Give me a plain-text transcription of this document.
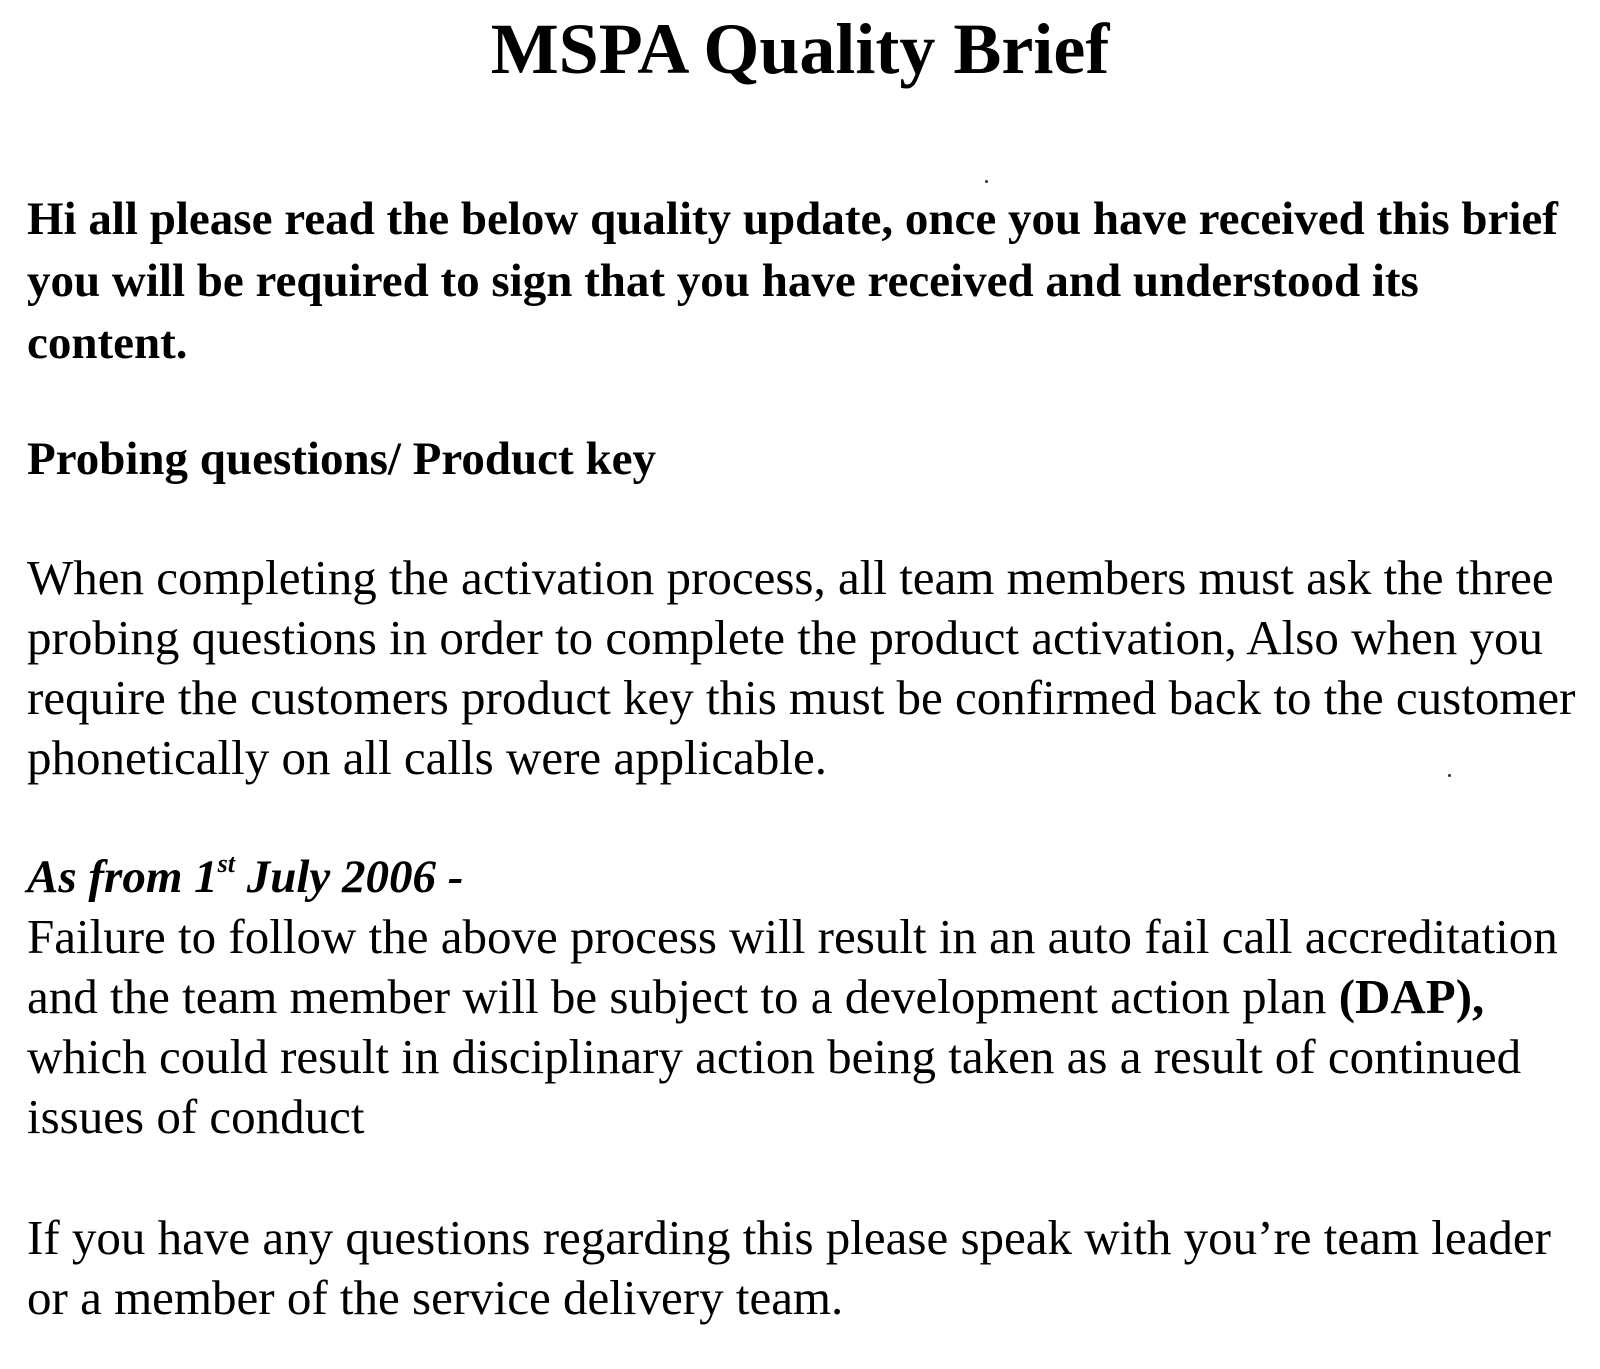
MSPA Quality Brief

Hi all please read the below quality update, once you have received this brief you will be required to sign that you have received and understood its content.

Probing questions/ Product key

When completing the activation process, all team members must ask the three probing questions in order to complete the product activation, Also when you require the customers product key this must be confirmed back to the customer phonetically on all calls were applicable.

As from 1st July 2006 -

Failure to follow the above process will result in an auto fail call accreditation and the team member will be subject to a development action plan (DAP), which could result in disciplinary action being taken as a result of continued issues of conduct

If you have any questions regarding this please speak with you’re team leader or a member of the service delivery team.
